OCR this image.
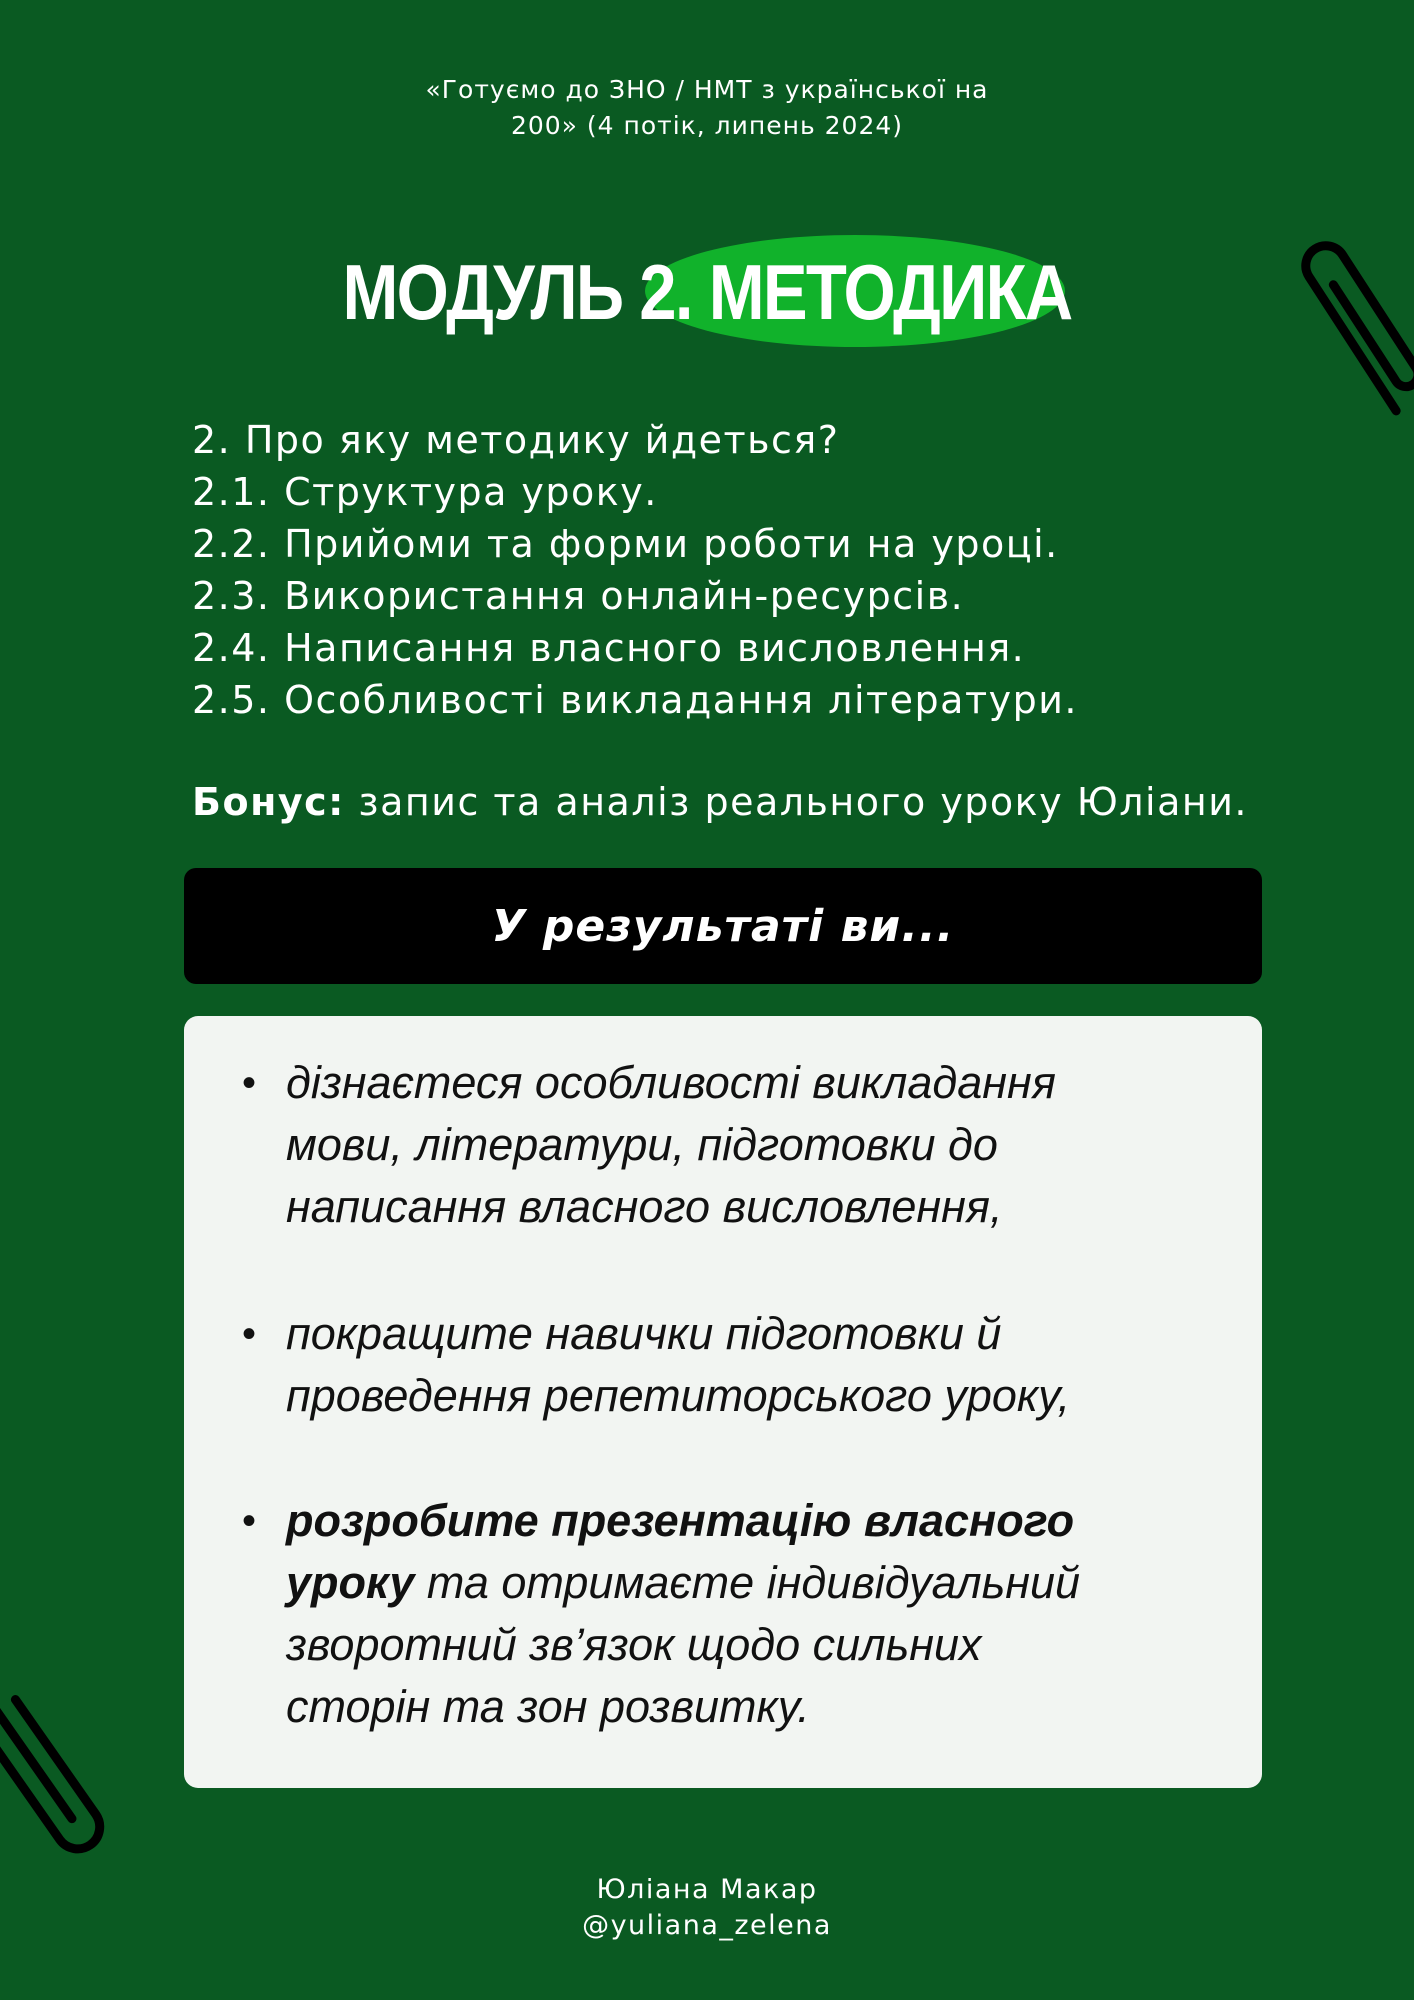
«Готуємо до ЗНО / НМТ з української на
200» (4 потік, липень 2024)
МОДУЛЬ 2. МЕТОДИКА
2. Про яку методику йдеться?
2.1. Структура уроку.
2.2. Прийоми та форми роботи на уроці.
2.3. Використання онлайн-ресурсів.
2.4. Написання власного висловлення.
2.5. Особливості викладання літератури.
Бонус: запис та аналіз реального уроку Юліани.
У результаті ви...
• дізнаєтеся особливості викладання
мови, літератури, підготовки до
написання власного висловлення,
• покращите навички підготовки й
проведення репетиторського уроку,
• розробите презентацію власного
уроку та отримаєте індивідуальний
зворотний зв’язок щодо сильних
сторін та зон розвитку.
Юліана Макар
@yuliana_zelena
